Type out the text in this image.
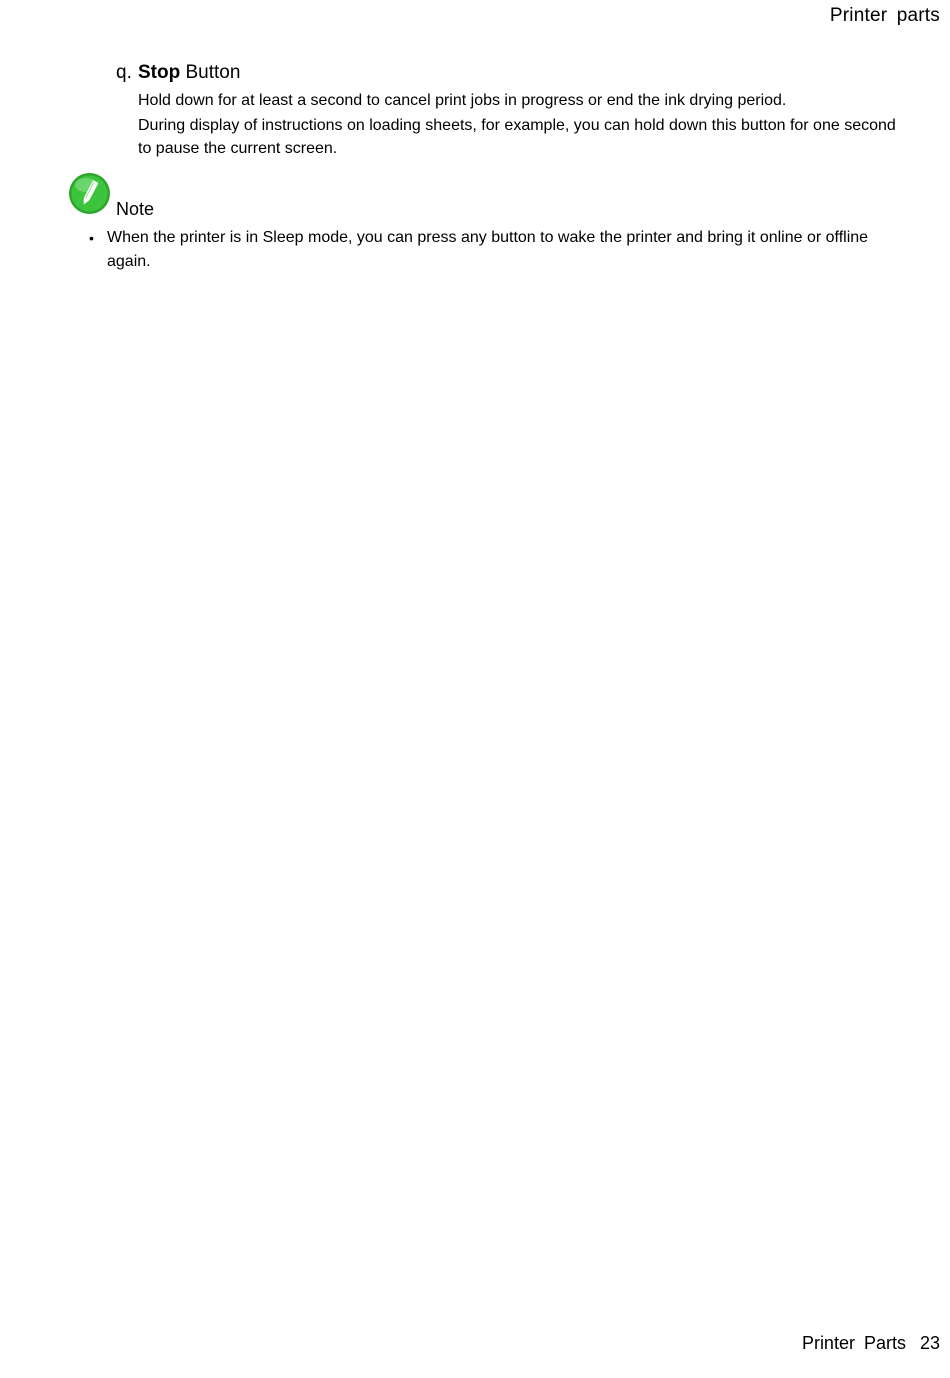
Printer parts
q. Stop Button

Hold down for at least a second to cancel print jobs in progress or end the ink drying period.

During display of instructions on loading sheets, for example, you can hold down this button for one second to pause the current screen.

Note
• When the printer is in Sleep mode, you can press any button to wake the printer and bring it online or offline again.
Printer Parts 23
